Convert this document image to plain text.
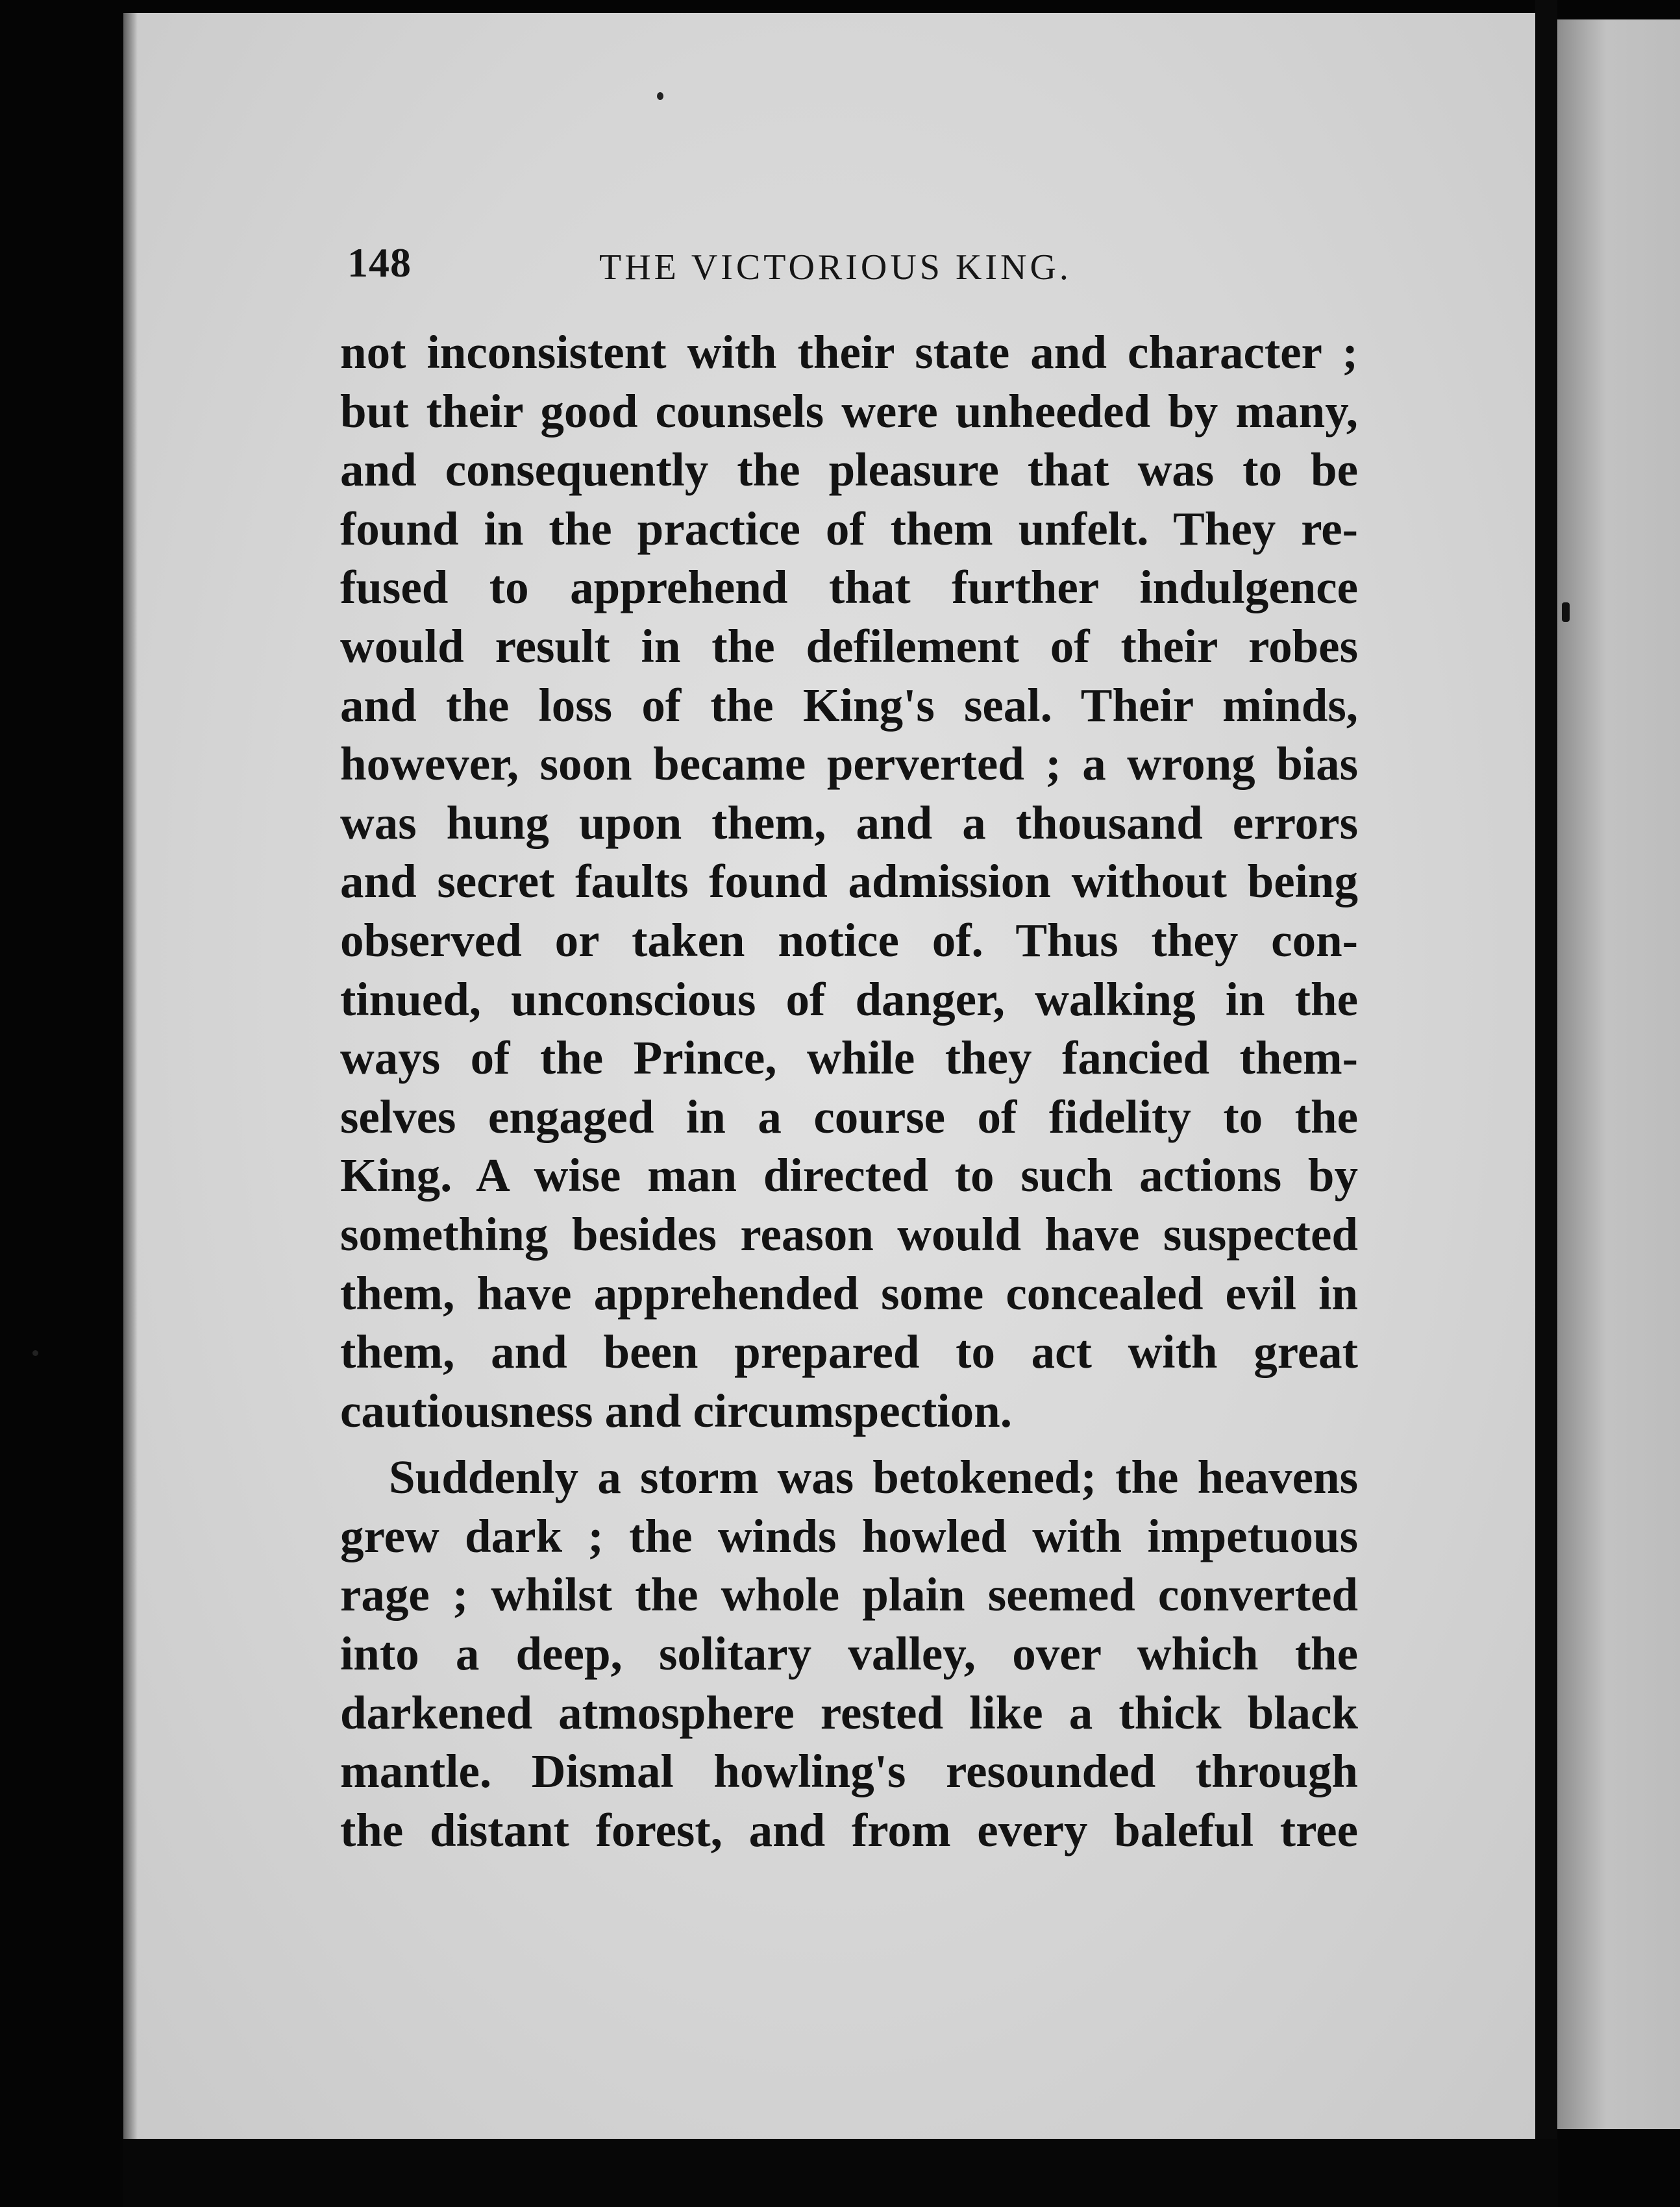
148	THE VICTORIOUS KING.
not inconsistent with their state and character ;
but their good counsels were unheeded by many,
and consequently the pleasure that was to be
found in the practice of them unfelt. They re-
fused to apprehend that further indulgence
would result in the defilement of their robes
and the loss of the King's seal. Their minds,
however, soon became perverted ; a wrong bias
was hung upon them, and a thousand errors
and secret faults found admission without being
observed or taken notice of. Thus they con-
tinued, unconscious of danger, walking in the
ways of the Prince, while they fancied them-
selves engaged in a course of fidelity to the
King. A wise man directed to such actions by
something besides reason would have suspected
them, have apprehended some concealed evil in
them, and been prepared to act with great
cautiousness and circumspection.
Suddenly a storm was betokened; the heavens
grew dark ; the winds howled with impetuous
rage ; whilst the whole plain seemed converted
into a deep, solitary valley, over which the
darkened atmosphere rested like a thick black
mantle. Dismal howling's resounded through
the distant forest, and from every baleful tree
